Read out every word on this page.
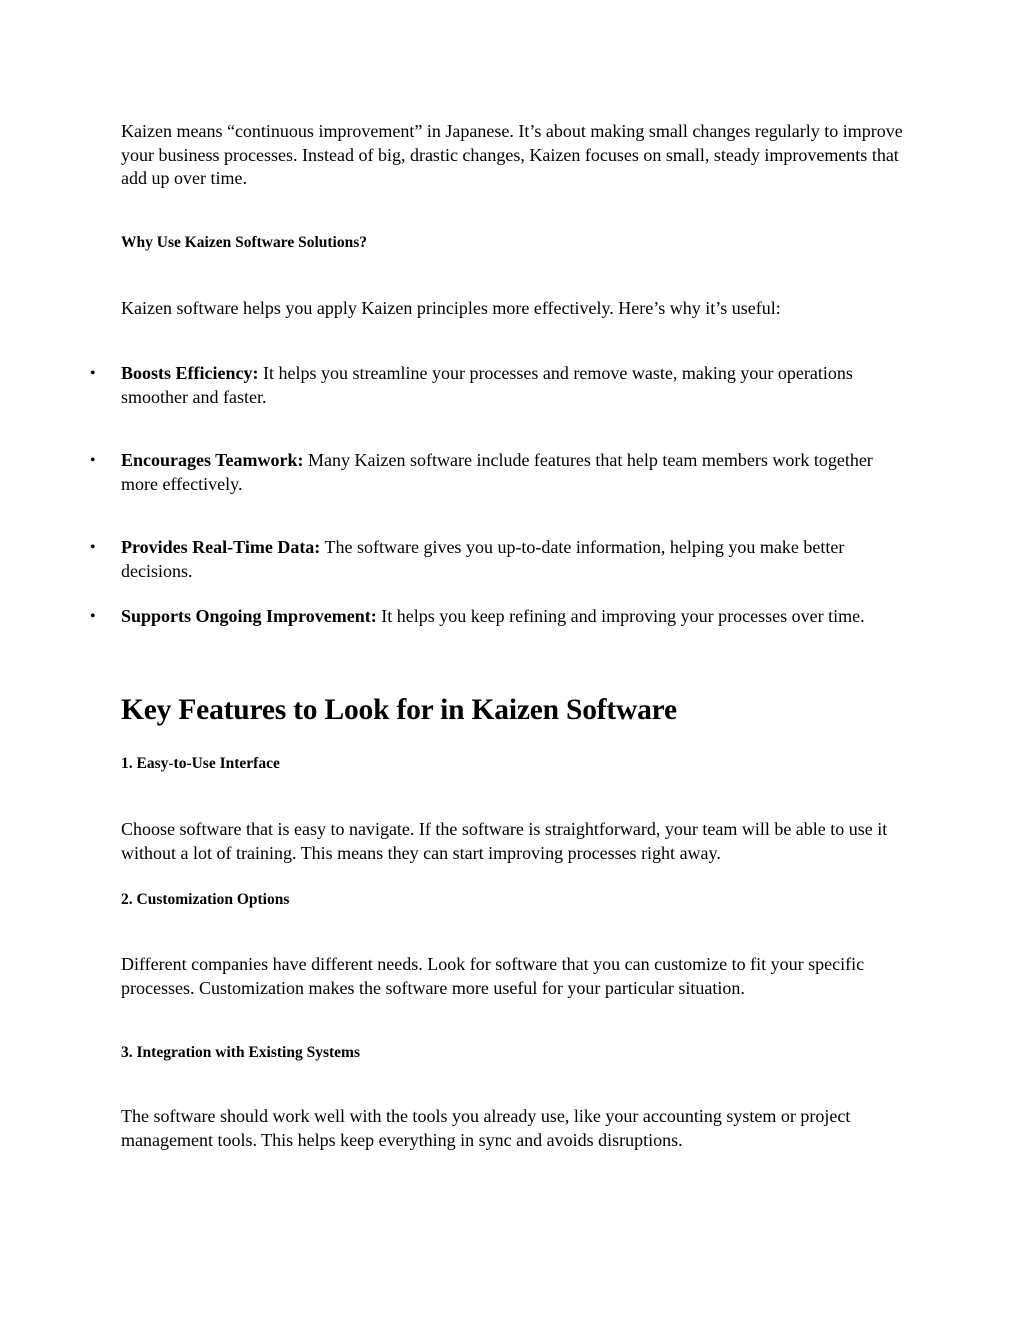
Kaizen means “continuous improvement” in Japanese. It’s about making small changes regularly to improve your business processes. Instead of big, drastic changes, Kaizen focuses on small, steady improvements that add up over time.

Why Use Kaizen Software Solutions?

Kaizen software helps you apply Kaizen principles more effectively. Here’s why it’s useful:

• Boosts Efficiency: It helps you streamline your processes and remove waste, making your operations smoother and faster.
• Encourages Teamwork: Many Kaizen software include features that help team members work together more effectively.
• Provides Real-Time Data: The software gives you up-to-date information, helping you make better decisions.
• Supports Ongoing Improvement: It helps you keep refining and improving your processes over time.
Key Features to Look for in Kaizen Software
1. Easy-to-Use Interface

Choose software that is easy to navigate. If the software is straightforward, your team will be able to use it without a lot of training. This means they can start improving processes right away.

2. Customization Options

Different companies have different needs. Look for software that you can customize to fit your specific processes. Customization makes the software more useful for your particular situation.

3. Integration with Existing Systems

The software should work well with the tools you already use, like your accounting system or project management tools. This helps keep everything in sync and avoids disruptions.
